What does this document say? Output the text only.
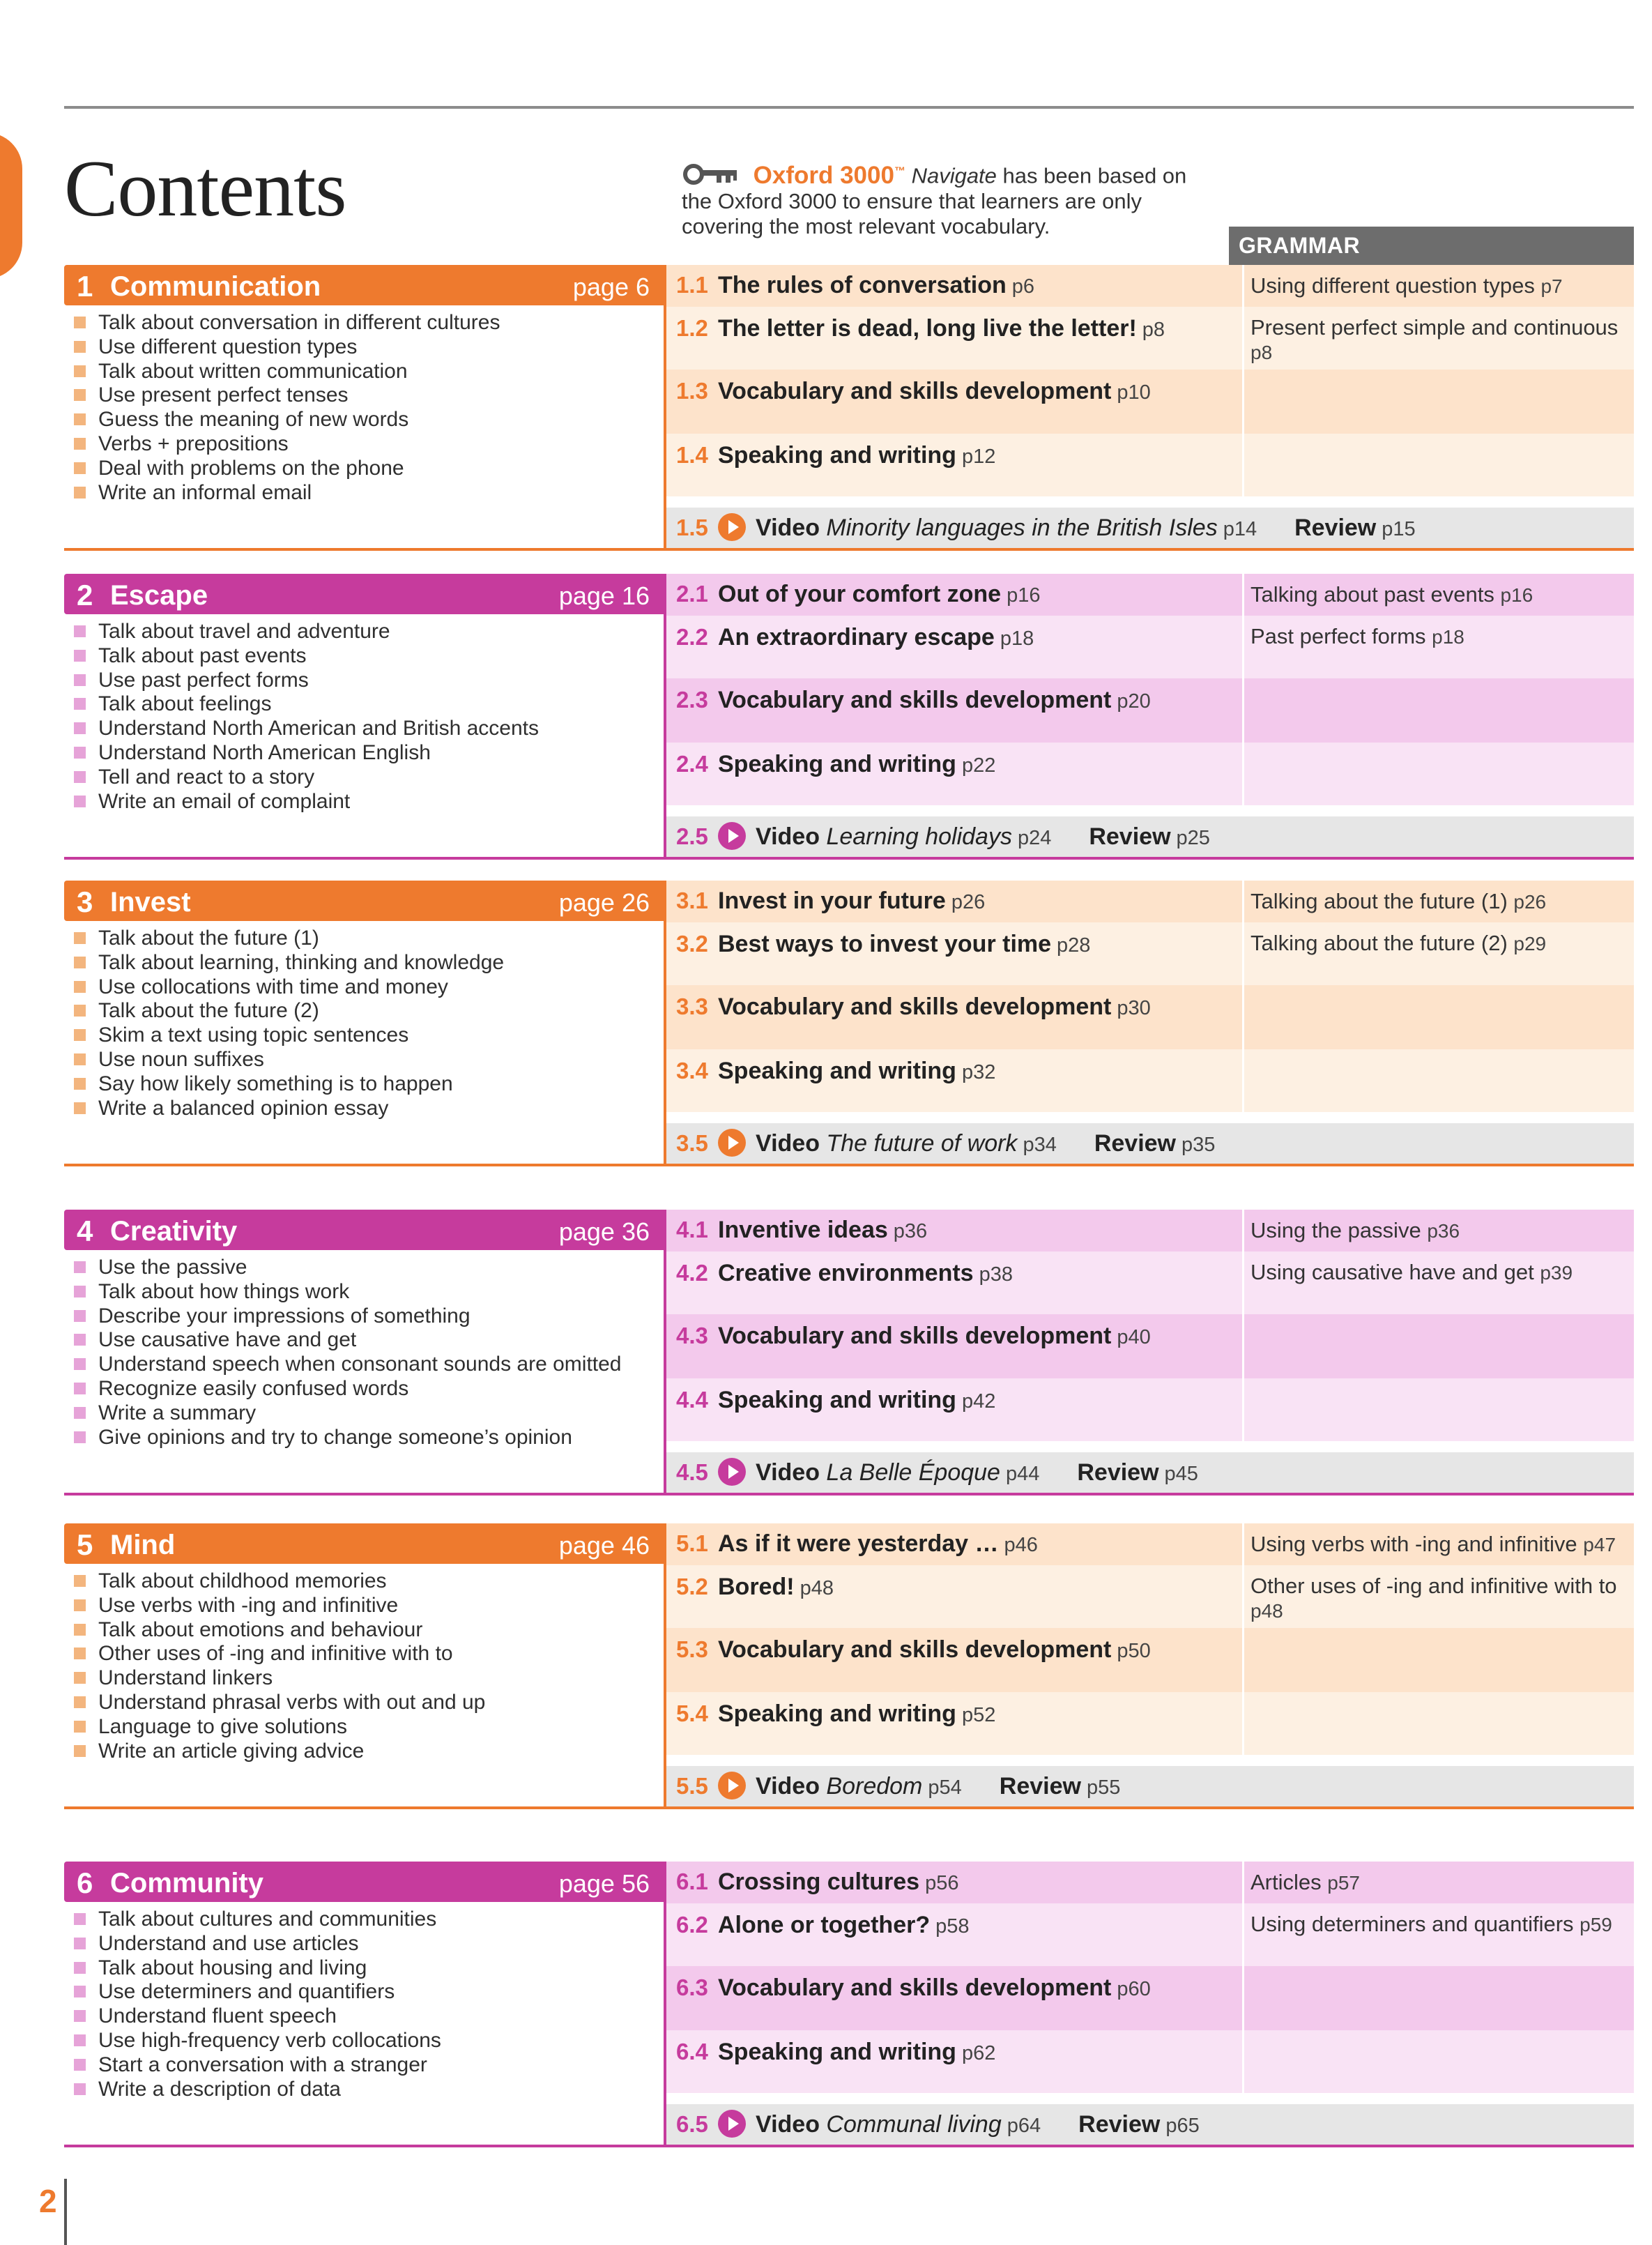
Contents	Oxford 3000™ Navigate has been based on the Oxford 3000 to ensure that learners are only covering the most relevant vocabulary.
GRAMMAR
1 Communication	page 6
Talk about conversation in different cultures
Use different question types
Talk about written communication
Use present perfect tenses
Guess the meaning of new words
Verbs + prepositions
Deal with problems on the phone
Write an informal email
1.1 The rules of conversation p6	Using different question types p7
1.2 The letter is dead, long live the letter! p8	Present perfect simple and continuous p8
1.3 Vocabulary and skills development p10
1.4 Speaking and writing p12
1.5	Video Minority languages in the British Isles p14 Review p15
2 Escape	page 16
Talk about travel and adventure
Talk about past events
Use past perfect forms
Talk about feelings
Understand North American and British accents
Understand North American English
Tell and react to a story
Write an email of complaint
2.1 Out of your comfort zone p16	Talking about past events p16
2.2 An extraordinary escape p18	Past perfect forms p18
2.3 Vocabulary and skills development p20
2.4 Speaking and writing p22
2.5	Video Learning holidays p24 Review p25
3 Invest	page 26
Talk about the future (1)
Talk about learning, thinking and knowledge
Use collocations with time and money
Talk about the future (2)
Skim a text using topic sentences
Use noun suffixes
Say how likely something is to happen
Write a balanced opinion essay
3.1 Invest in your future p26	Talking about the future (1) p26
3.2 Best ways to invest your time p28	Talking about the future (2) p29
3.3 Vocabulary and skills development p30
3.4 Speaking and writing p32
3.5	Video The future of work p34 Review p35
4 Creativity	page 36
Use the passive
Talk about how things work
Describe your impressions of something
Use causative have and get
Understand speech when consonant sounds are omitted
Recognize easily confused words
Write a summary
Give opinions and try to change someone’s opinion
4.1 Inventive ideas p36	Using the passive p36
4.2 Creative environments p38	Using causative have and get p39
4.3 Vocabulary and skills development p40
4.4 Speaking and writing p42
4.5	Video La Belle Époque p44 Review p45
5 Mind	page 46
Talk about childhood memories
Use verbs with -ing and infinitive
Talk about emotions and behaviour
Other uses of -ing and infinitive with to
Understand linkers
Understand phrasal verbs with out and up
Language to give solutions
Write an article giving advice
5.1 As if it were yesterday … p46	Using verbs with -ing and infinitive p47
5.2 Bored! p48	Other uses of -ing and infinitive with to p48
5.3 Vocabulary and skills development p50
5.4 Speaking and writing p52
5.5	Video Boredom p54 Review p55
6 Community	page 56
Talk about cultures and communities
Understand and use articles
Talk about housing and living
Use determiners and quantifiers
Understand fluent speech
Use high-frequency verb collocations
Start a conversation with a stranger
Write a description of data
6.1 Crossing cultures p56	Articles p57
6.2 Alone or together? p58	Using determiners and quantifiers p59
6.3 Vocabulary and skills development p60
6.4 Speaking and writing p62
6.5	Video Communal living p64 Review p65
2
